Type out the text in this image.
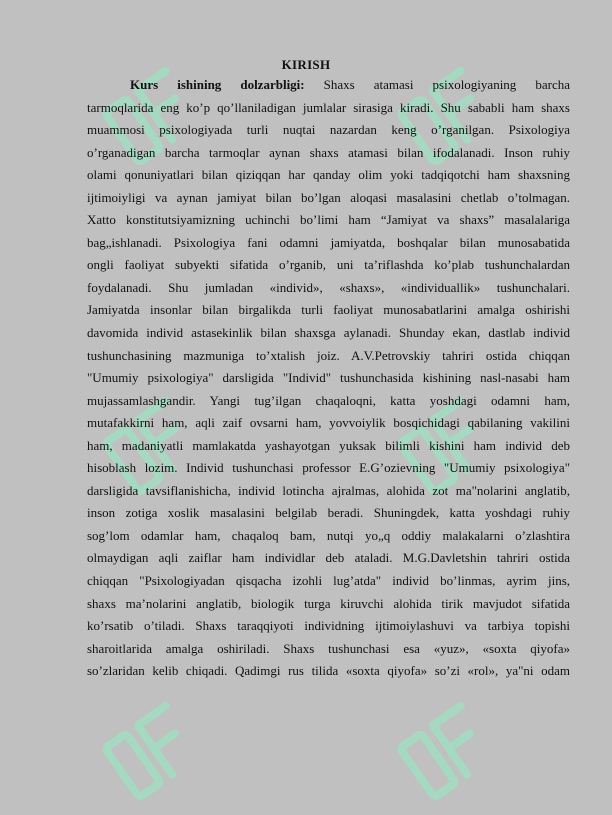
KIRISH
Kurs ishining dolzarbligi: Shaxs atamasi psixologiyaning barcha
tarmoqlarida eng ko’p qo’llaniladigan jumlalar sirasiga kiradi. Shu sababli ham shaxs
muammosi psixologiyada turli nuqtai nazardan keng o’rganilgan. Psixologiya
o’rganadigan barcha tarmoqlar aynan shaxs atamasi bilan ifodalanadi. Inson ruhiy
olami qonuniyatlari bilan qiziqqan har qanday olim yoki tadqiqotchi ham shaxsning
ijtimoiyligi va aynan jamiyat bilan bo’lgan aloqasi masalasini chetlab o’tolmagan.
Xatto konstitutsiyamizning uchinchi bo’limi ham “Jamiyat va shaxs” masalalariga
bag„ishlanadi. Psixologiya fani odamni jamiyatda, boshqalar bilan munosabatida
ongli faoliyat subyekti sifatida o’rganib, uni ta’riflashda ko’plab tushunchalardan
foydalanadi. Shu jumladan «individ», «shaxs», «individuallik» tushunchalari.
Jamiyatda insonlar bilan birgalikda turli faoliyat munosabatlarini amalga oshirishi
davomida individ astasekinlik bilan shaxsga aylanadi. Shunday ekan, dastlab individ
tushunchasining mazmuniga to’xtalish joiz. A.V.Petrovskiy tahriri ostida chiqqan
"Umumiy psixologiya" darsligida "Individ" tushunchasida kishining nasl-nasabi ham
mujassamlashgandir. Yangi tug’ilgan chaqaloqni, katta yoshdagi odamni ham,
mutafakkirni ham, aqli zaif ovsarni ham, yovvoiylik bosqichidagi qabilaning vakilini
ham, madaniyatli mamlakatda yashayotgan yuksak bilimli kishini ham individ deb
hisoblash lozim. Individ tushunchasi professor E.G’ozievning "Umumiy psixologiya"
darsligida tavsiflanishicha, individ lotincha ajralmas, alohida zot ma"nolarini anglatib,
inson zotiga xoslik masalasini belgilab beradi. Shuningdek, katta yoshdagi ruhiy
sog’lom odamlar ham, chaqaloq bam, nutqi yo„q oddiy malakalarni o’zlashtira
olmaydigan aqli zaiflar ham individlar deb ataladi. M.G.Davletshin tahriri ostida
chiqqan "Psixologiyadan qisqacha izohli lug’atda" individ bo’linmas, ayrim jins,
shaxs ma’nolarini anglatib, biologik turga kiruvchi alohida tirik mavjudot sifatida
ko’rsatib o’tiladi. Shaxs taraqqiyoti individning ijtimoiylashuvi va tarbiya topishi
sharoitlarida amalga oshiriladi. Shaxs tushunchasi esa «yuz», «soxta qiyofa»
so’zlaridan kelib chiqadi. Qadimgi rus tilida «soxta qiyofa» so’zi «rol», ya"ni odam
